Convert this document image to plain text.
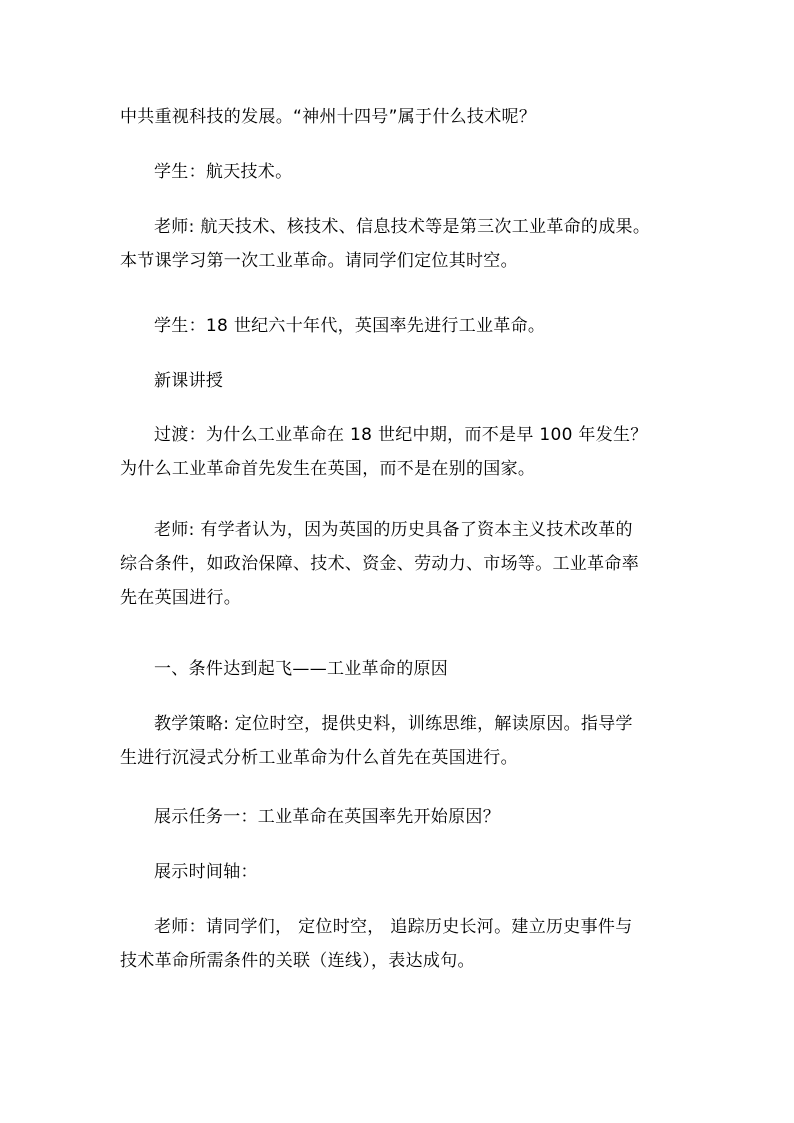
中共重视科技的发展。“神州十四号”属于什么技术呢？

学生：航天技术。

老师: 航天技术、核技术、信息技术等是第三次工业革命的成果。
本节课学习第一次工业革命。请同学们定位其时空。

学生：18 世纪六十年代，英国率先进行工业革命。

新课讲授

过渡：为什么工业革命在 18 世纪中期，而不是早 100 年发生？
为什么工业革命首先发生在英国，而不是在别的国家。

老师: 有学者认为，因为英国的历史具备了资本主义技术改革的
综合条件，如政治保障、技术、资金、劳动力、市场等。工业革命率
先在英国进行。

一、条件达到起飞——工业革命的原因

教学策略: 定位时空，提供史料，训练思维，解读原因。指导学
生进行沉浸式分析工业革命为什么首先在英国进行。

展示任务一：工业革命在英国率先开始原因？

展示时间轴：

老师：请同学们， 定位时空， 追踪历史长河。建立历史事件与
技术革命所需条件的关联（连线），表达成句。
